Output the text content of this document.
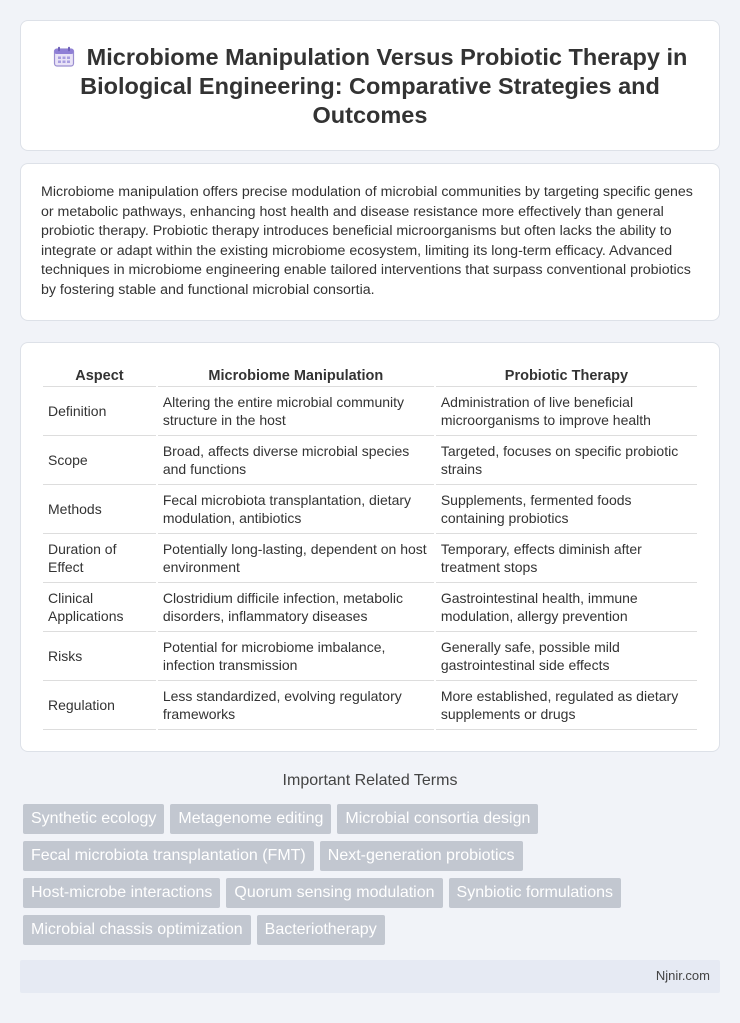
Microbiome Manipulation Versus Probiotic Therapy in Biological Engineering: Comparative Strategies and Outcomes

Microbiome manipulation offers precise modulation of microbial communities by targeting specific genes or metabolic pathways, enhancing host health and disease resistance more effectively than general probiotic therapy. Probiotic therapy introduces beneficial microorganisms but often lacks the ability to integrate or adapt within the existing microbiome ecosystem, limiting its long-term efficacy. Advanced techniques in microbiome engineering enable tailored interventions that surpass conventional probiotics by fostering stable and functional microbial consortia.

Aspect	Microbiome Manipulation	Probiotic Therapy
Definition	Altering the entire microbial community structure in the host	Administration of live beneficial microorganisms to improve health
Scope	Broad, affects diverse microbial species and functions	Targeted, focuses on specific probiotic strains
Methods	Fecal microbiota transplantation, dietary modulation, antibiotics	Supplements, fermented foods containing probiotics
Duration of Effect	Potentially long-lasting, dependent on host environment	Temporary, effects diminish after treatment stops
Clinical Applications	Clostridium difficile infection, metabolic disorders, inflammatory diseases	Gastrointestinal health, immune modulation, allergy prevention
Risks	Potential for microbiome imbalance, infection transmission	Generally safe, possible mild gastrointestinal side effects
Regulation	Less standardized, evolving regulatory frameworks	More established, regulated as dietary supplements or drugs
Important Related Terms
Synthetic ecology	Metagenome editing	Microbial consortia design
Fecal microbiota transplantation (FMT)	Next-generation probiotics
Host-microbe interactions	Quorum sensing modulation	Synbiotic formulations
Microbial chassis optimization	Bacteriotherapy
Njnir.com
